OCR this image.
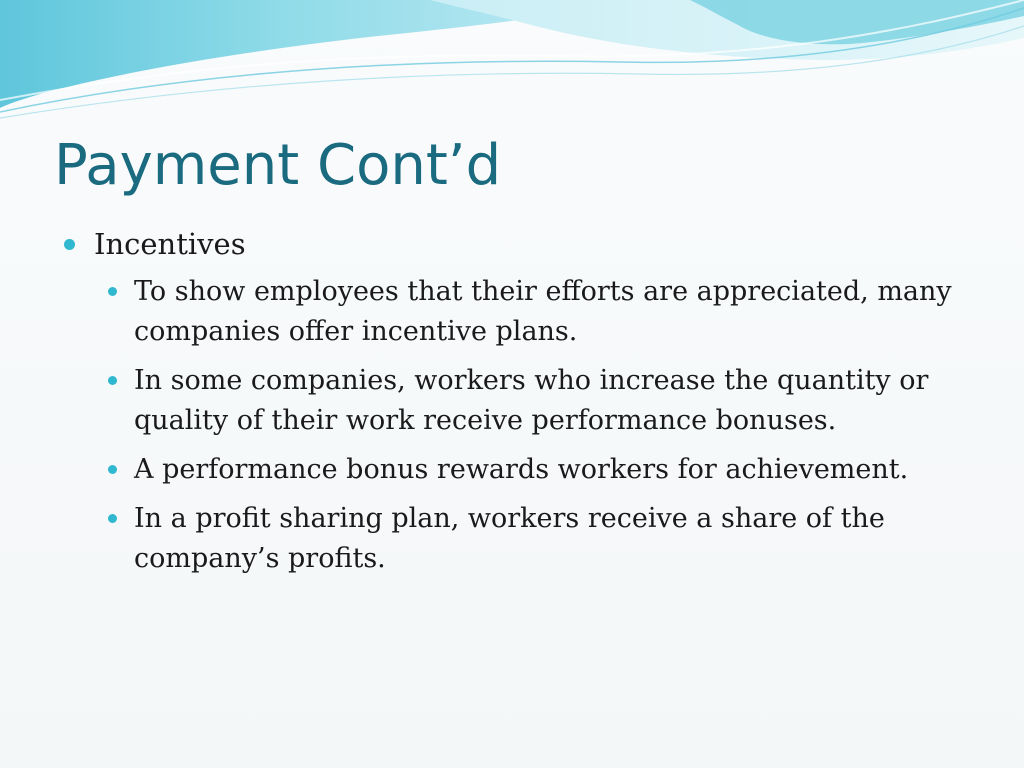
Payment Cont’d
Incentives
To show employees that their efforts are appreciated, many companies offer incentive plans.
In some companies, workers who increase the quantity or quality of their work receive performance bonuses.
A performance bonus rewards workers for achievement.
In a profit sharing plan, workers receive a share of the company’s profits.
